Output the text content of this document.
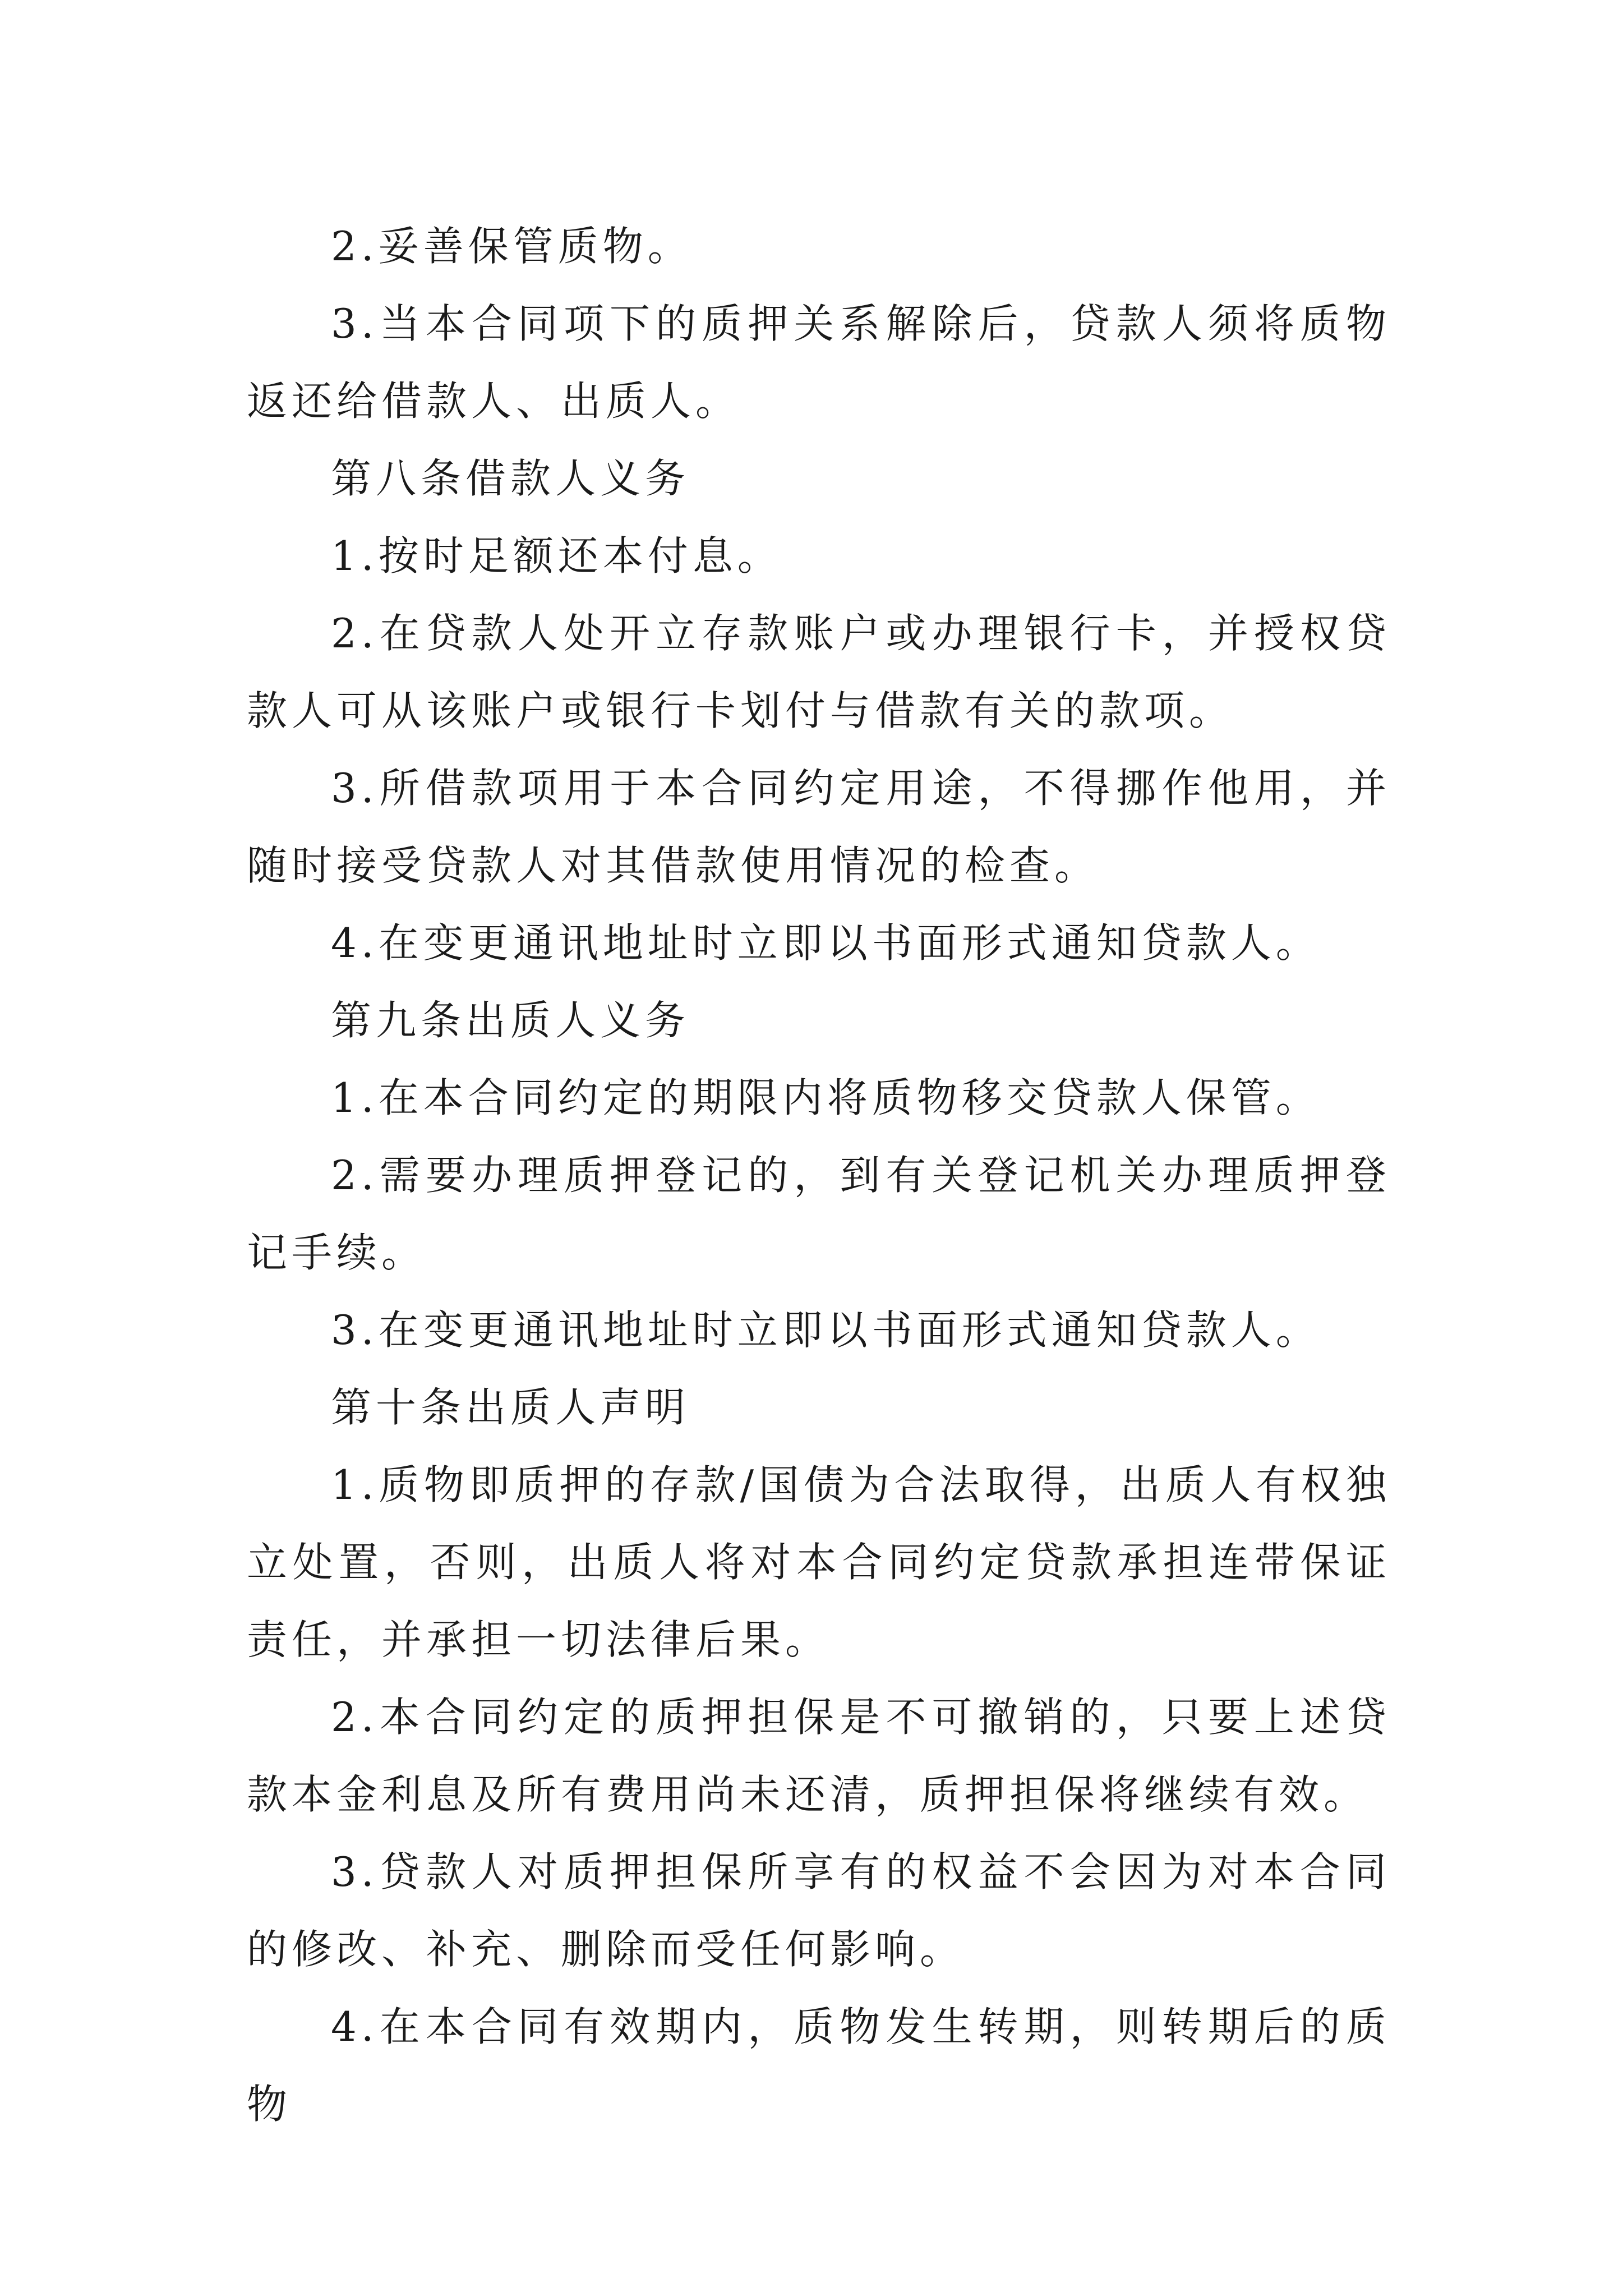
2.妥善保管质物。

3.当本合同项下的质押关系解除后，贷款人须将质物返还给借款人、出质人。

第八条借款人义务

1.按时足额还本付息。

2.在贷款人处开立存款账户或办理银行卡，并授权贷款人可从该账户或银行卡划付与借款有关的款项。

3.所借款项用于本合同约定用途，不得挪作他用，并随时接受贷款人对其借款使用情况的检查。

4.在变更通讯地址时立即以书面形式通知贷款人。

第九条出质人义务

1.在本合同约定的期限内将质物移交贷款人保管。

2.需要办理质押登记的，到有关登记机关办理质押登记手续。

3.在变更通讯地址时立即以书面形式通知贷款人。

第十条出质人声明

1.质物即质押的存款/国债为合法取得，出质人有权独立处置，否则，出质人将对本合同约定贷款承担连带保证责任，并承担一切法律后果。

2.本合同约定的质押担保是不可撤销的，只要上述贷款本金利息及所有费用尚未还清，质押担保将继续有效。

3.贷款人对质押担保所享有的权益不会因为对本合同的修改、补充、删除而受任何影响。

4.在本合同有效期内，质物发生转期，则转期后的质物
